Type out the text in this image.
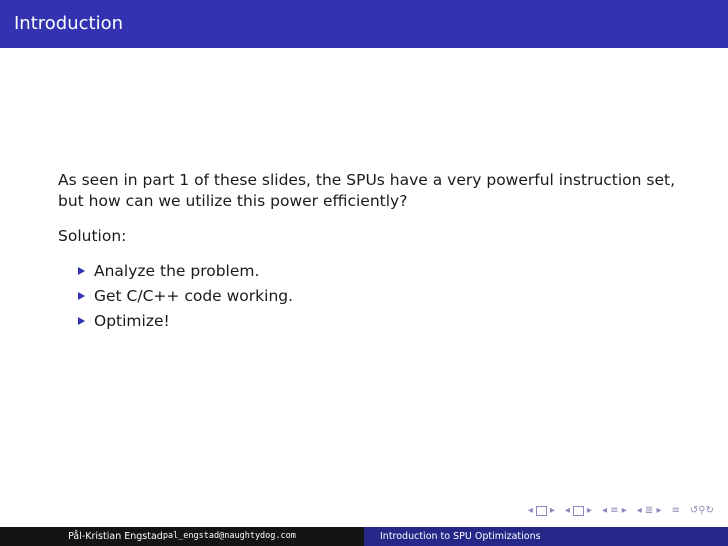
Introduction

As seen in part 1 of these slides, the SPUs have a very powerful instruction set, but how can we utilize this power efficiently?

Solution:

Analyze the problem.
Get C/C++ code working.
Optimize!
◂ ▸ ◂ ▸ ◂ ≡ ▸ ◂ ≣ ▸ ≡ ↺⚲↻
Pål-Kristian Engstad pal_engstad@naughtydog.com	Introduction to SPU Optimizations
